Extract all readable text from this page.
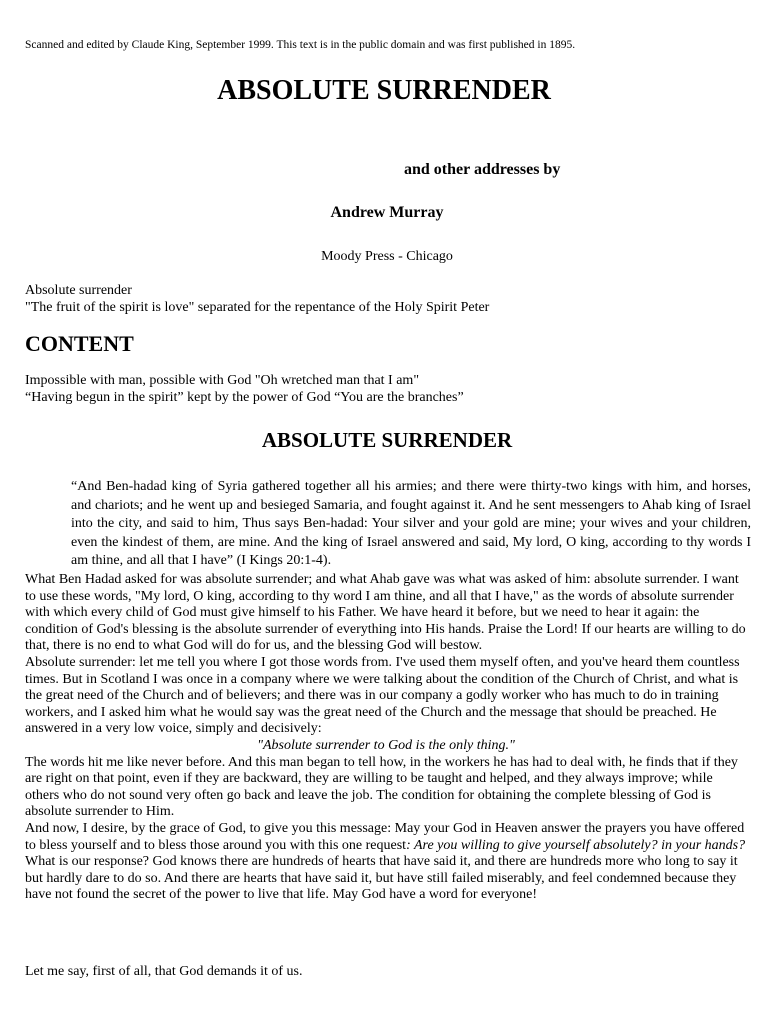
Scanned and edited by Claude King, September 1999. This text is in the public domain and was first published in 1895.
ABSOLUTE SURRENDER
and other addresses by
Andrew Murray
Moody Press - Chicago
Absolute surrender
"The fruit of the spirit is love" separated for the repentance of the Holy Spirit Peter
CONTENT
Impossible with man, possible with God "Oh wretched man that I am"
“Having begun in the spirit” kept by the power of God “You are the branches”
ABSOLUTE SURRENDER

“And Ben-hadad king of Syria gathered together all his armies; and there were thirty-two kings with him, and horses, and chariots; and he went up and besieged Samaria, and fought against it. And he sent messengers to Ahab king of Israel into the city, and said to him, Thus says Ben-hadad: Your silver and your gold are mine; your wives and your children, even the kindest of them, are mine. And the king of Israel answered and said, My lord, O king, according to thy words I am thine, and all that I have” (I Kings 20:1-4).

What Ben Hadad asked for was absolute surrender; and what Ahab gave was what was asked of him: absolute surrender. I want to use these words, "My lord, O king, according to thy word I am thine, and all that I have," as the words of absolute surrender with which every child of God must give himself to his Father. We have heard it before, but we need to hear it again: the condition of God's blessing is the absolute surrender of everything into His hands. Praise the Lord! If our hearts are willing to do that, there is no end to what God will do for us, and the blessing God will bestow.

Absolute surrender: let me tell you where I got those words from. I've used them myself often, and you've heard them countless times. But in Scotland I was once in a company where we were talking about the condition of the Church of Christ, and what is the great need of the Church and of believers; and there was in our company a godly worker who has much to do in training workers, and I asked him what he would say was the great need of the Church and the message that should be preached. He answered in a very low voice, simply and decisively:

"Absolute surrender to God is the only thing."

The words hit me like never before. And this man began to tell how, in the workers he has had to deal with, he finds that if they are right on that point, even if they are backward, they are willing to be taught and helped, and they always improve; while others who do not sound very often go back and leave the job. The condition for obtaining the complete blessing of God is absolute surrender to Him.

And now, I desire, by the grace of God, to give you this message: May your God in Heaven answer the prayers you have offered to bless yourself and to bless those around you with this one request: Are you willing to give yourself absolutely? in your hands? What is our response? God knows there are hundreds of hearts that have said it, and there are hundreds more who long to say it but hardly dare to do so. And there are hearts that have said it, but have still failed miserably, and feel condemned because they have not found the secret of the power to live that life. May God have a word for everyone!

Let me say, first of all, that God demands it of us.
